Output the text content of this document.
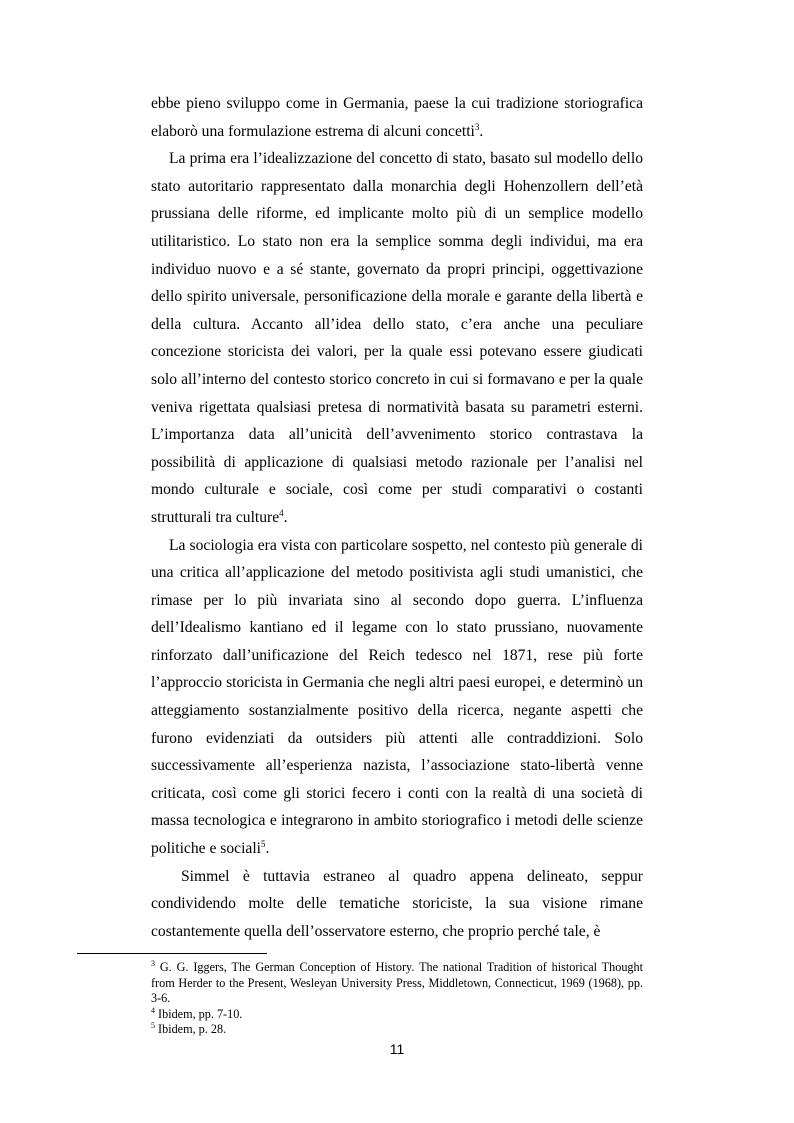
ebbe pieno sviluppo come in Germania, paese la cui tradizione storiografica elaborò una formulazione estrema di alcuni concetti$^3$.

La prima era l’idealizzazione del concetto di stato, basato sul modello dello stato autoritario rappresentato dalla monarchia degli Hohenzollern dell’età prussiana delle riforme, ed implicante molto più di un semplice modello utilitaristico. Lo stato non era la semplice somma degli individui, ma era individuo nuovo e a sé stante, governato da propri principi, oggettivazione dello spirito universale, personificazione della morale e garante della libertà e della cultura. Accanto all’idea dello stato, c’era anche una peculiare concezione storicista dei valori, per la quale essi potevano essere giudicati solo all’interno del contesto storico concreto in cui si formavano e per la quale veniva rigettata qualsiasi pretesa di normatività basata su parametri esterni. L’importanza data all’unicità dell’avvenimento storico contrastava la possibilità di applicazione di qualsiasi metodo razionale per l’analisi nel mondo culturale e sociale, così come per studi comparativi o costanti strutturali tra culture$^4$.

La sociologia era vista con particolare sospetto, nel contesto più generale di una critica all’applicazione del metodo positivista agli studi umanistici, che rimase per lo più invariata sino al secondo dopo guerra. L’influenza dell’Idealismo kantiano ed il legame con lo stato prussiano, nuovamente rinforzato dall’unificazione del Reich tedesco nel 1871, rese più forte l’approccio storicista in Germania che negli altri paesi europei, e determinò un atteggiamento sostanzialmente positivo della ricerca, negante aspetti che furono evidenziati da outsiders più attenti alle contraddizioni. Solo successivamente all’esperienza nazista, l’associazione stato-libertà venne criticata, così come gli storici fecero i conti con la realtà di una società di massa tecnologica e integrarono in ambito storiografico i metodi delle scienze politiche e sociali$^5$.

Simmel è tuttavia estraneo al quadro appena delineato, seppur condividendo molte delle tematiche storiciste, la sua visione rimane costantemente quella dell’osservatore esterno, che proprio perché tale, è

$^3$ G. G. Iggers, The German Conception of History. The national Tradition of historical Thought from Herder to the Present, Wesleyan University Press, Middletown, Connecticut, 1969 (1968), pp. 3-6.

$^4$ Ibidem, pp. 7-10.

$^5$ Ibidem, p. 28.

11
